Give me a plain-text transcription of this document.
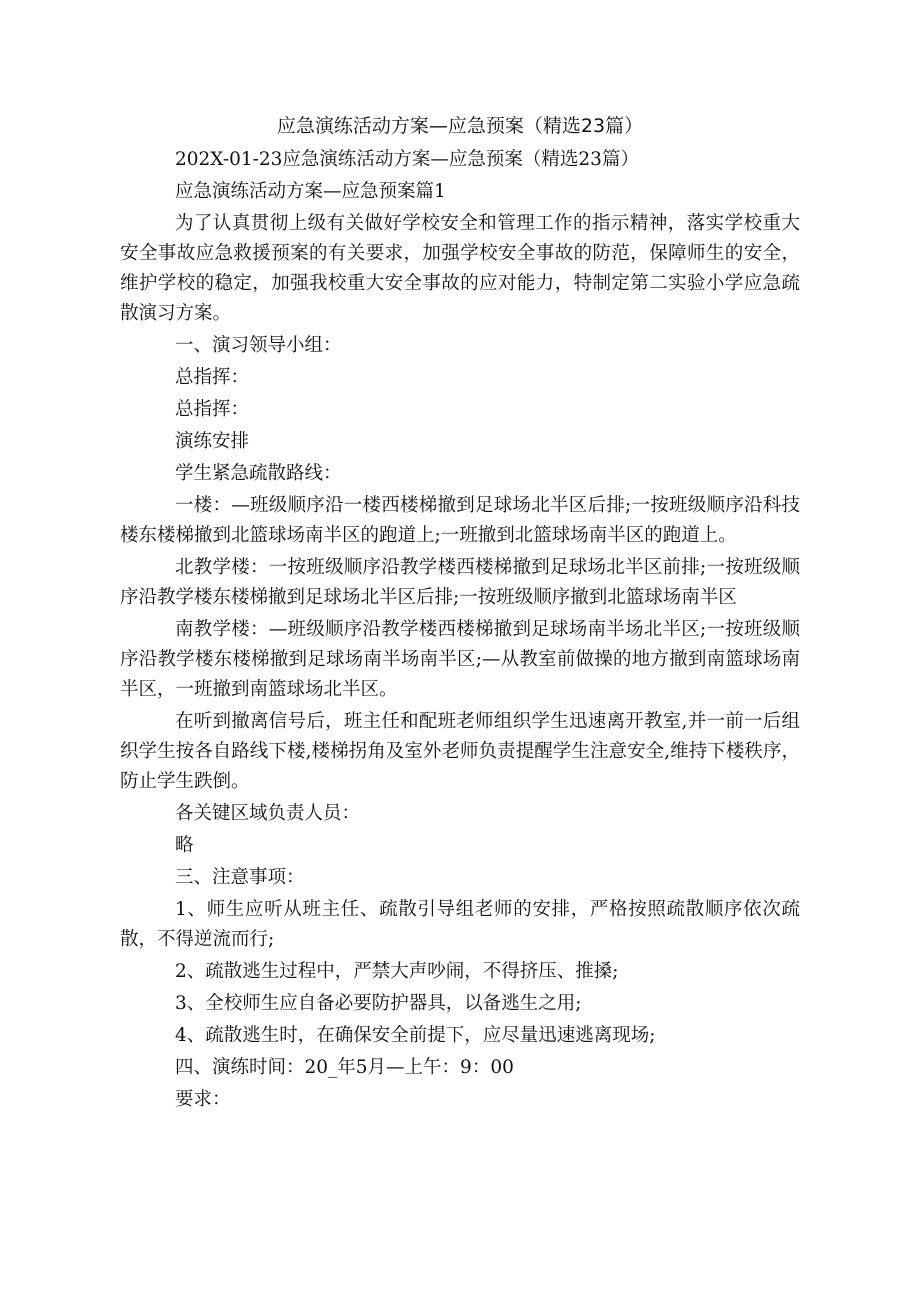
应急演练活动方案—应急预案（精选23篇）

202X-01-23应急演练活动方案—应急预案（精选23篇）

应急演练活动方案—应急预案篇1

为了认真贯彻上级有关做好学校安全和管理工作的指示精神，落实学校重大安全事故应急救援预案的有关要求，加强学校安全事故的防范，保障师生的安全，维护学校的稳定，加强我校重大安全事故的应对能力，特制定第二实验小学应急疏散演习方案。

一、演习领导小组：

总指挥：

总指挥：

演练安排

学生紧急疏散路线：

一楼：—班级顺序沿一楼西楼梯撤到足球场北半区后排;一按班级顺序沿科技楼东楼梯撤到北篮球场南半区的跑道上;一班撤到北篮球场南半区的跑道上。

北教学楼：一按班级顺序沿教学楼西楼梯撤到足球场北半区前排;一按班级顺序沿教学楼东楼梯撤到足球场北半区后排;一按班级顺序撤到北篮球场南半区

南教学楼：—班级顺序沿教学楼西楼梯撤到足球场南半场北半区;一按班级顺序沿教学楼东楼梯撤到足球场南半场南半区;—从教室前做操的地方撤到南篮球场南半区，一班撤到南篮球场北半区。

在听到撤离信号后，班主任和配班老师组织学生迅速离开教室,并一前一后组织学生按各自路线下楼,楼梯拐角及室外老师负责提醒学生注意安全,维持下楼秩序，防止学生跌倒。

各关键区域负责人员：

略

三、注意事项：

1、师生应听从班主任、疏散引导组老师的安排，严格按照疏散顺序依次疏散，不得逆流而行;

2、疏散逃生过程中，严禁大声吵闹，不得挤压、推搡;

3、全校师生应自备必要防护器具，以备逃生之用;

4、疏散逃生时，在确保安全前提下，应尽量迅速逃离现场;

四、演练时间：20_年5月—上午：9：00

要求：
